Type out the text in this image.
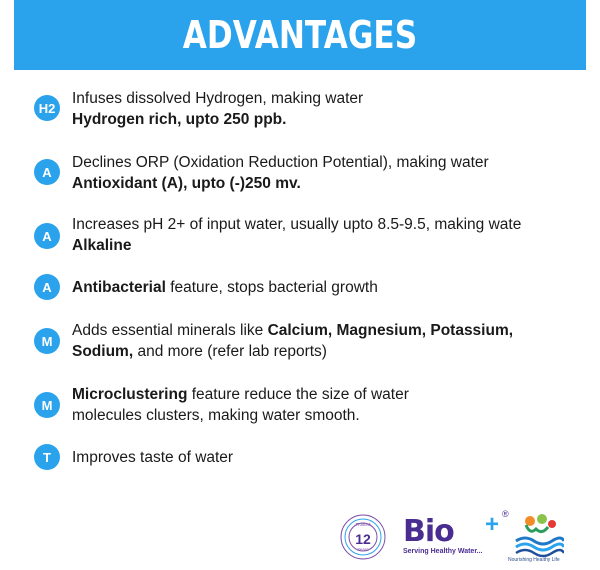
ADVANTAGES
H2
Infuses dissolved Hydrogen, making water
Hydrogen rich, upto 250 ppb.
A
Declines ORP (Oxidation Reduction Potential), making water
Antioxidant (A), upto (-)250 mv.
A
Increases pH 2+ of input water, usually upto 8.5-9.5, making wate
Alkaline
A	Antibacterial feature, stops bacterial growth
M
Adds essential minerals like Calcium, Magnesium, Potassium,
Sodium, and more (refer lab reports)
M
Microclustering feature reduce the size of water
molecules clusters, making water smooth.
T	Improves taste of water
Trusted
12
Years
Bio	+ ®
Serving Healthy Water...
Nourishing Healthy Life
